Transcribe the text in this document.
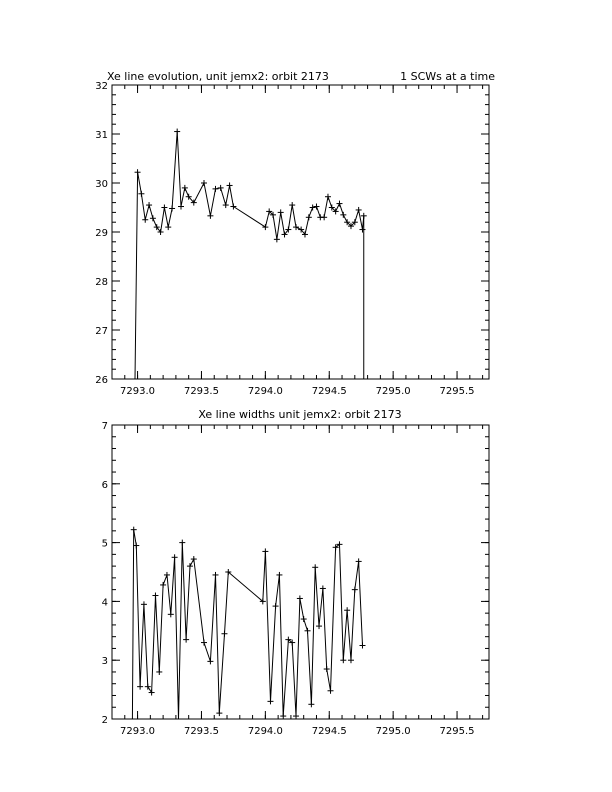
Xe line evolution, unit jemx2: orbit 2173	1 SCWs at a time
7293.0	7293.5	7294.0	7294.5	7295.0	7295.5
26
27
28
29
30
31
32
Xe line widths unit jemx2: orbit 2173
7293.0	7293.5	7294.0	7294.5	7295.0	7295.5
2
3
4
5
6
7
